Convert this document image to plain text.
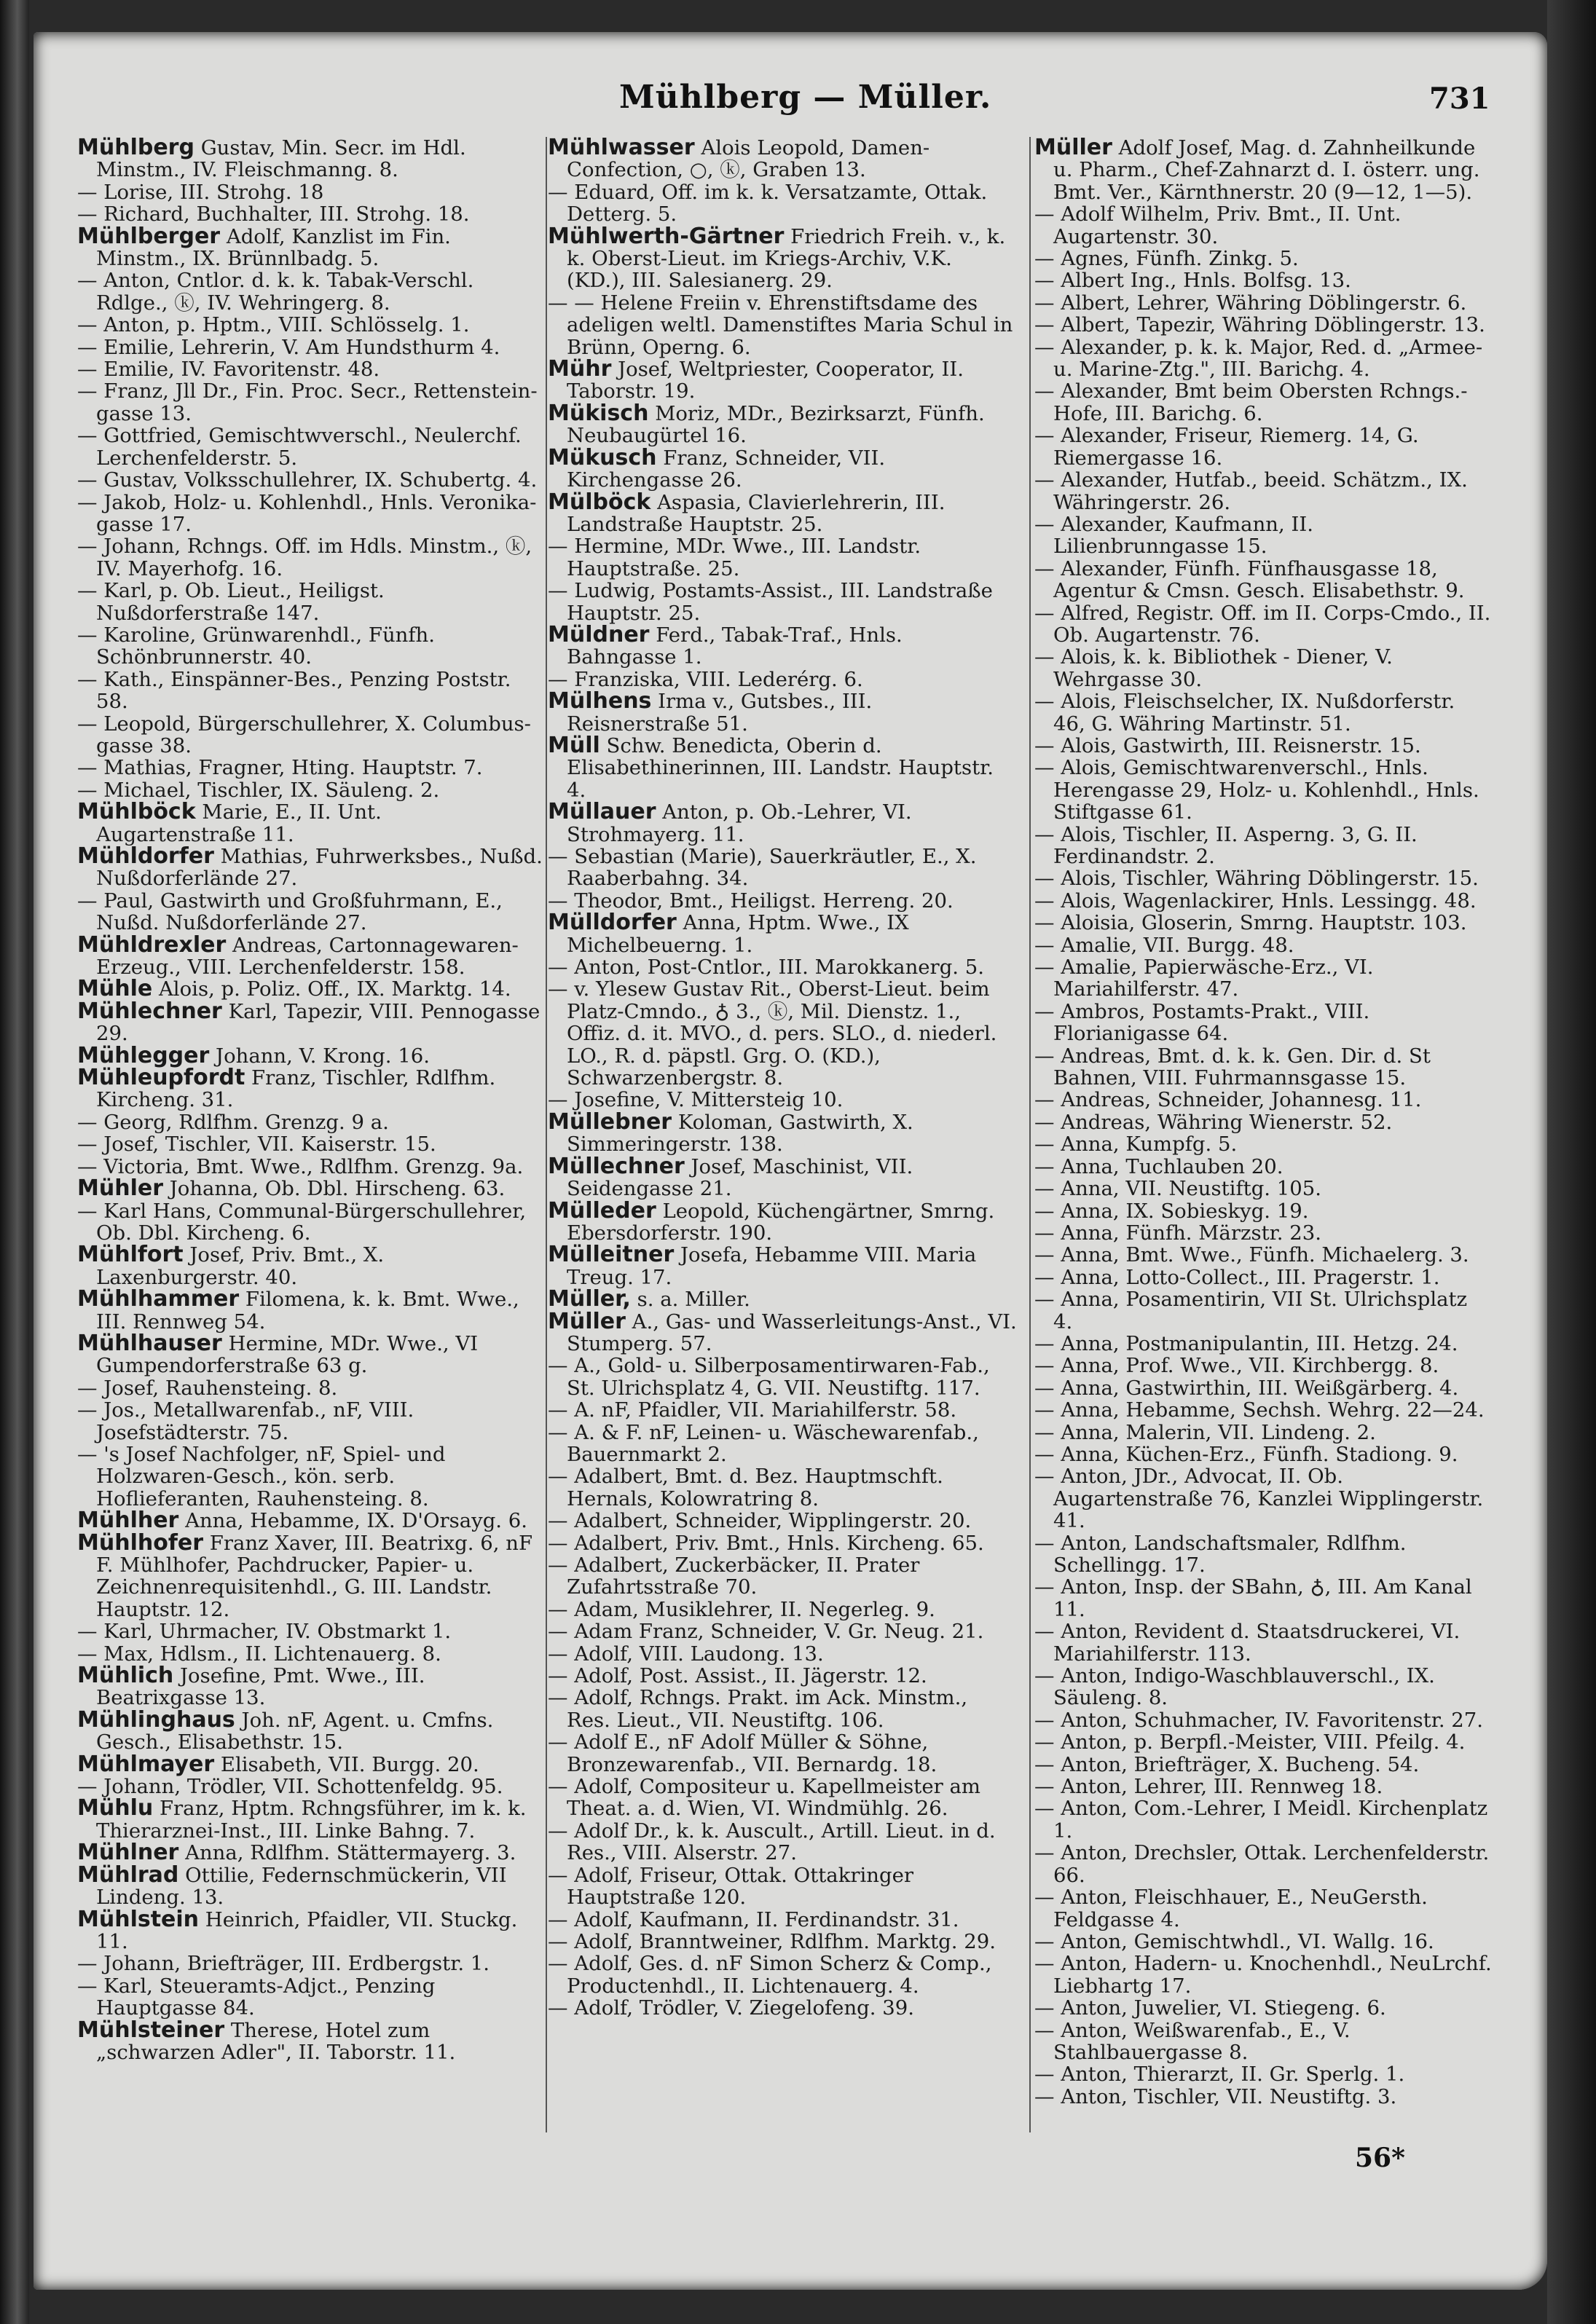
Mühlberg — Müller.	731

Mühlberg Gustav, Min. Secr. im Hdl. Minstm., IV. Fleischmanng. 8.

— Lorise, III. Strohg. 18

— Richard, Buchhalter, III. Strohg. 18.

Mühlberger Adolf, Kanzlist im Fin. Minstm., IX. Brünnlbadg. 5.

— Anton, Cntlor. d. k. k. Tabak-Verschl. Rdlge., ⓚ, IV. Wehringerg. 8.

— Anton, p. Hptm., VIII. Schlösselg. 1.

— Emilie, Lehrerin, V. Am Hundsthurm 4.

— Emilie, IV. Favoritenstr. 48.

— Franz, Jll Dr., Fin. Proc. Secr., Rettenstein-gasse 13.

— Gottfried, Gemischtwverschl., Neulerchf. Lerchenfelderstr. 5.

— Gustav, Volksschullehrer, IX. Schubertg. 4.

— Jakob, Holz- u. Kohlenhdl., Hnls. Veronika-gasse 17.

— Johann, Rchngs. Off. im Hdls. Minstm., ⓚ, IV. Mayerhofg. 16.

— Karl, p. Ob. Lieut., Heiligst. Nußdorferstraße 147.

— Karoline, Grünwarenhdl., Fünfh. Schönbrunnerstr. 40.

— Kath., Einspänner-Bes., Penzing Poststr. 58.

— Leopold, Bürgerschullehrer, X. Columbus-gasse 38.

— Mathias, Fragner, Hting. Hauptstr. 7.

— Michael, Tischler, IX. Säuleng. 2.

Mühlböck Marie, E., II. Unt. Augartenstraße 11.

Mühldorfer Mathias, Fuhrwerksbes., Nußd. Nußdorferlände 27.

— Paul, Gastwirth und Großfuhrmann, E., Nußd. Nußdorferlände 27.

Mühldrexler Andreas, Cartonnagewaren-Erzeug., VIII. Lerchenfelderstr. 158.

Mühle Alois, p. Poliz. Off., IX. Marktg. 14.

Mühlechner Karl, Tapezir, VIII. Pennogasse 29.

Mühlegger Johann, V. Krong. 16.

Mühleupfordt Franz, Tischler, Rdlfhm. Kircheng. 31.

— Georg, Rdlfhm. Grenzg. 9 a.

— Josef, Tischler, VII. Kaiserstr. 15.

— Victoria, Bmt. Wwe., Rdlfhm. Grenzg. 9a.

Mühler Johanna, Ob. Dbl. Hirscheng. 63.

— Karl Hans, Communal-Bürgerschullehrer, Ob. Dbl. Kircheng. 6.

Mühlfort Josef, Priv. Bmt., X. Laxenburgerstr. 40.

Mühlhammer Filomena, k. k. Bmt. Wwe., III. Rennweg 54.

Mühlhauser Hermine, MDr. Wwe., VI Gumpendorferstraße 63 g.

— Josef, Rauhensteing. 8.

— Jos., Metallwarenfab., nF, VIII. Josefstädterstr. 75.

— 's Josef Nachfolger, nF, Spiel- und Holzwaren-Gesch., kön. serb. Hoflieferanten, Rauhensteing. 8.

Mühlher Anna, Hebamme, IX. D'Orsayg. 6.

Mühlhofer Franz Xaver, III. Beatrixg. 6, nF F. Mühlhofer, Pachdrucker, Papier- u. Zeichnenrequisitenhdl., G. III. Landstr. Hauptstr. 12.

— Karl, Uhrmacher, IV. Obstmarkt 1.

— Max, Hdlsm., II. Lichtenauerg. 8.

Mühlich Josefine, Pmt. Wwe., III. Beatrixgasse 13.

Mühlinghaus Joh. nF, Agent. u. Cmfns. Gesch., Elisabethstr. 15.

Mühlmayer Elisabeth, VII. Burgg. 20.

— Johann, Trödler, VII. Schottenfeldg. 95.

Mühlu Franz, Hptm. Rchngsführer, im k. k. Thierarznei-Inst., III. Linke Bahng. 7.

Mühlner Anna, Rdlfhm. Stättermayerg. 3.

Mühlrad Ottilie, Federnschmückerin, VII Lindeng. 13.

Mühlstein Heinrich, Pfaidler, VII. Stuckg. 11.

— Johann, Briefträger, III. Erdbergstr. 1.

— Karl, Steueramts-Adjct., Penzing Hauptgasse 84.

Mühlsteiner Therese, Hotel zum „schwarzen Adler", II. Taborstr. 11.

Mühlwasser Alois Leopold, Damen-Confection, ○, ⓚ, Graben 13.

— Eduard, Off. im k. k. Versatzamte, Ottak. Detterg. 5.

Mühlwerth-Gärtner Friedrich Freih. v., k. k. Oberst-Lieut. im Kriegs-Archiv, V.K. (KD.), III. Salesianerg. 29.

— — Helene Freiin v. Ehrenstiftsdame des adeligen weltl. Damenstiftes Maria Schul in Brünn, Operng. 6.

Mühr Josef, Weltpriester, Cooperator, II. Taborstr. 19.

Mükisch Moriz, MDr., Bezirksarzt, Fünfh. Neubaugürtel 16.

Mükusch Franz, Schneider, VII. Kirchengasse 26.

Mülböck Aspasia, Clavierlehrerin, III. Landstraße Hauptstr. 25.

— Hermine, MDr. Wwe., III. Landstr. Hauptstraße. 25.

— Ludwig, Postamts-Assist., III. Landstraße Hauptstr. 25.

Müldner Ferd., Tabak-Traf., Hnls. Bahngasse 1.

— Franziska, VIII. Lederérg. 6.

Mülhens Irma v., Gutsbes., III. Reisnerstraße 51.

Müll Schw. Benedicta, Oberin d. Elisabethinerinnen, III. Landstr. Hauptstr. 4.

Müllauer Anton, p. Ob.-Lehrer, VI. Strohmayerg. 11.

— Sebastian (Marie), Sauerkräutler, E., X. Raaberbahng. 34.

— Theodor, Bmt., Heiligst. Herreng. 20.

Mülldorfer Anna, Hptm. Wwe., IX Michelbeuerng. 1.

— Anton, Post-Cntlor., III. Marokkanerg. 5.

— v. Ylesew Gustav Rit., Oberst-Lieut. beim Platz-Cmndo., ♁ 3., ⓚ, Mil. Dienstz. 1., Offiz. d. it. MVO., d. pers. SLO., d. niederl. LO., R. d. päpstl. Grg. O. (KD.), Schwarzenbergstr. 8.

— Josefine, V. Mittersteig 10.

Müllebner Koloman, Gastwirth, X. Simmeringerstr. 138.

Müllechner Josef, Maschinist, VII. Seidengasse 21.

Mülleder Leopold, Küchengärtner, Smrng. Ebersdorferstr. 190.

Mülleitner Josefa, Hebamme VIII. Maria Treug. 17.

Müller, s. a. Miller.

Müller A., Gas- und Wasserleitungs-Anst., VI. Stumperg. 57.

— A., Gold- u. Silberposamentirwaren-Fab., St. Ulrichsplatz 4, G. VII. Neustiftg. 117.

— A. nF, Pfaidler, VII. Mariahilferstr. 58.

— A. & F. nF, Leinen- u. Wäschewarenfab., Bauernmarkt 2.

— Adalbert, Bmt. d. Bez. Hauptmschft. Hernals, Kolowratring 8.

— Adalbert, Schneider, Wipplingerstr. 20.

— Adalbert, Priv. Bmt., Hnls. Kircheng. 65.

— Adalbert, Zuckerbäcker, II. Prater Zufahrtsstraße 70.

— Adam, Musiklehrer, II. Negerleg. 9.

— Adam Franz, Schneider, V. Gr. Neug. 21.

— Adolf, VIII. Laudong. 13.

— Adolf, Post. Assist., II. Jägerstr. 12.

— Adolf, Rchngs. Prakt. im Ack. Minstm., Res. Lieut., VII. Neustiftg. 106.

— Adolf E., nF Adolf Müller & Söhne, Bronzewarenfab., VII. Bernardg. 18.

— Adolf, Compositeur u. Kapellmeister am Theat. a. d. Wien, VI. Windmühlg. 26.

— Adolf Dr., k. k. Auscult., Artill. Lieut. in d. Res., VIII. Alserstr. 27.

— Adolf, Friseur, Ottak. Ottakringer Hauptstraße 120.

— Adolf, Kaufmann, II. Ferdinandstr. 31.

— Adolf, Branntweiner, Rdlfhm. Marktg. 29.

— Adolf, Ges. d. nF Simon Scherz & Comp., Productenhdl., II. Lichtenauerg. 4.

— Adolf, Trödler, V. Ziegelofeng. 39.

Müller Adolf Josef, Mag. d. Zahnheilkunde u. Pharm., Chef-Zahnarzt d. I. österr. ung. Bmt. Ver., Kärnthnerstr. 20 (9—12, 1—5).

— Adolf Wilhelm, Priv. Bmt., II. Unt. Augartenstr. 30.

— Agnes, Fünfh. Zinkg. 5.

— Albert Ing., Hnls. Bolfsg. 13.

— Albert, Lehrer, Währing Döblingerstr. 6.

— Albert, Tapezir, Währing Döblingerstr. 13.

— Alexander, p. k. k. Major, Red. d. „Armee- u. Marine-Ztg.", III. Barichg. 4.

— Alexander, Bmt beim Obersten Rchngs.-Hofe, III. Barichg. 6.

— Alexander, Friseur, Riemerg. 14, G. Riemergasse 16.

— Alexander, Hutfab., beeid. Schätzm., IX. Währingerstr. 26.

— Alexander, Kaufmann, II. Lilienbrunngasse 15.

— Alexander, Fünfh. Fünfhausgasse 18, Agentur & Cmsn. Gesch. Elisabethstr. 9.

— Alfred, Registr. Off. im II. Corps-Cmdo., II. Ob. Augartenstr. 76.

— Alois, k. k. Bibliothek - Diener, V. Wehrgasse 30.

— Alois, Fleischselcher, IX. Nußdorferstr. 46, G. Währing Martinstr. 51.

— Alois, Gastwirth, III. Reisnerstr. 15.

— Alois, Gemischtwarenverschl., Hnls. Herengasse 29, Holz- u. Kohlenhdl., Hnls. Stiftgasse 61.

— Alois, Tischler, II. Asperng. 3, G. II. Ferdinandstr. 2.

— Alois, Tischler, Währing Döblingerstr. 15.

— Alois, Wagenlackirer, Hnls. Lessingg. 48.

— Aloisia, Gloserin, Smrng. Hauptstr. 103.

— Amalie, VII. Burgg. 48.

— Amalie, Papierwäsche-Erz., VI. Mariahilferstr. 47.

— Ambros, Postamts-Prakt., VIII. Florianigasse 64.

— Andreas, Bmt. d. k. k. Gen. Dir. d. St Bahnen, VIII. Fuhrmannsgasse 15.

— Andreas, Schneider, Johannesg. 11.

— Andreas, Währing Wienerstr. 52.

— Anna, Kumpfg. 5.

— Anna, Tuchlauben 20.

— Anna, VII. Neustiftg. 105.

— Anna, IX. Sobieskyg. 19.

— Anna, Fünfh. Märzstr. 23.

— Anna, Bmt. Wwe., Fünfh. Michaelerg. 3.

— Anna, Lotto-Collect., III. Pragerstr. 1.

— Anna, Posamentirin, VII St. Ulrichsplatz 4.

— Anna, Postmanipulantin, III. Hetzg. 24.

— Anna, Prof. Wwe., VII. Kirchbergg. 8.

— Anna, Gastwirthin, III. Weißgärberg. 4.

— Anna, Hebamme, Sechsh. Wehrg. 22—24.

— Anna, Malerin, VII. Lindeng. 2.

— Anna, Küchen-Erz., Fünfh. Stadiong. 9.

— Anton, JDr., Advocat, II. Ob. Augartenstraße 76, Kanzlei Wipplingerstr. 41.

— Anton, Landschaftsmaler, Rdlfhm. Schellingg. 17.

— Anton, Insp. der SBahn, ♁, III. Am Kanal 11.

— Anton, Revident d. Staatsdruckerei, VI. Mariahilferstr. 113.

— Anton, Indigo-Waschblauverschl., IX. Säuleng. 8.

— Anton, Schuhmacher, IV. Favoritenstr. 27.

— Anton, p. Berpfl.-Meister, VIII. Pfeilg. 4.

— Anton, Briefträger, X. Bucheng. 54.

— Anton, Lehrer, III. Rennweg 18.

— Anton, Com.-Lehrer, I Meidl. Kirchenplatz 1.

— Anton, Drechsler, Ottak. Lerchenfelderstr. 66.

— Anton, Fleischhauer, E., NeuGersth. Feldgasse 4.

— Anton, Gemischtwhdl., VI. Wallg. 16.

— Anton, Hadern- u. Knochenhdl., NeuLrchf. Liebhartg 17.

— Anton, Juwelier, VI. Stiegeng. 6.

— Anton, Weißwarenfab., E., V. Stahlbauergasse 8.

— Anton, Thierarzt, II. Gr. Sperlg. 1.

— Anton, Tischler, VII. Neustiftg. 3.

56*
